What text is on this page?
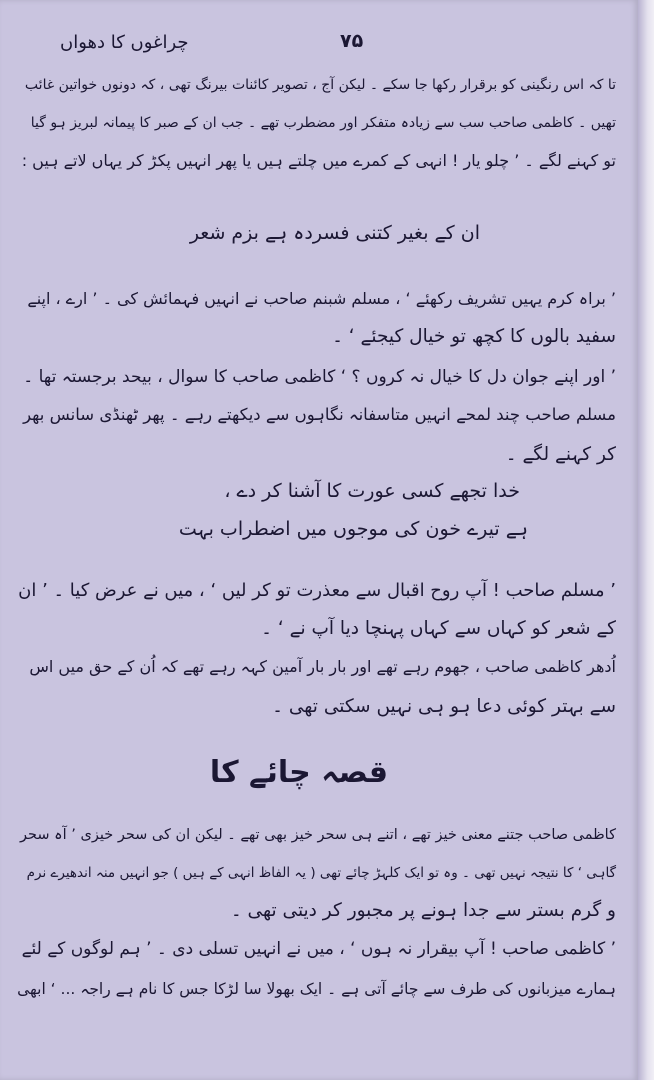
چراغوں کا دھواں	۷۵
تا کہ اس رنگینی کو برقرار رکھا جا سکے ۔ لیکن آج ، تصویر کائنات بیرنگ تھی ، کہ دونوں خواتین غائب
تھیں ۔ کاظمی صاحب سب سے زیادہ متفکر اور مضطرب تھے ۔ جب ان کے صبر کا پیمانہ لبریز ہو گیا
تو کہنے لگے ۔ ’ چلو یار ! انہی کے کمرے میں چلتے ہیں یا پھر انہیں پکڑ کر یہاں لاتے ہیں :
ان کے بغیر کتنی فسردہ ہے بزم شعر
’ براہ کرم یہیں تشریف رکھئے ‘ ، مسلم شبنم صاحب نے انہیں فہمائش کی ۔ ’ ارے ، اپنے
سفید بالوں کا کچھ تو خیال کیجئے ‘ ۔
’ اور اپنے جوان دل کا خیال نہ کروں ؟ ‘ کاظمی صاحب کا سوال ، بیحد برجستہ تھا ۔
مسلم صاحب چند لمحے انہیں متاسفانہ نگاہوں سے دیکھتے رہے ۔ پھر ٹھنڈی سانس بھر
کر کہنے لگے ۔
خدا تجھے کسی عورت کا آشنا کر دے ،
ہے تیرے خون کی موجوں میں اضطراب بہت
’ مسلم صاحب ! آپ روح اقبال سے معذرت تو کر لیں ‘ ، میں نے عرض کیا ۔ ’ ان
کے شعر کو کہاں سے کہاں پہنچا دیا آپ نے ‘ ۔
اُدھر کاظمی صاحب ، جھوم رہے تھے اور بار بار آمین کہہ رہے تھے کہ اُن کے حق میں اس
سے بہتر کوئی دعا ہو ہی نہیں سکتی تھی ۔
قصہ چائے کا
کاظمی صاحب جتنے معنی خیز تھے ، اتنے ہی سحر خیز بھی تھے ۔ لیکن ان کی سحر خیزی ’ آہ سحر
گاہی ‘ کا نتیجہ نہیں تھی ۔ وہ تو ایک کلہڑ چائے تھی ( یہ الفاظ انہی کے ہیں ) جو انہیں منہ اندھیرے نرم
و گرم بستر سے جدا ہونے پر مجبور کر دیتی تھی ۔
’ کاظمی صاحب ! آپ بیقرار نہ ہوں ‘ ، میں نے انہیں تسلی دی ۔ ’ ہم لوگوں کے لئے
ہمارے میزبانوں کی طرف سے چائے آتی ہے ۔ ایک بھولا سا لڑکا جس کا نام ہے راجہ ... ‘ ابھی
